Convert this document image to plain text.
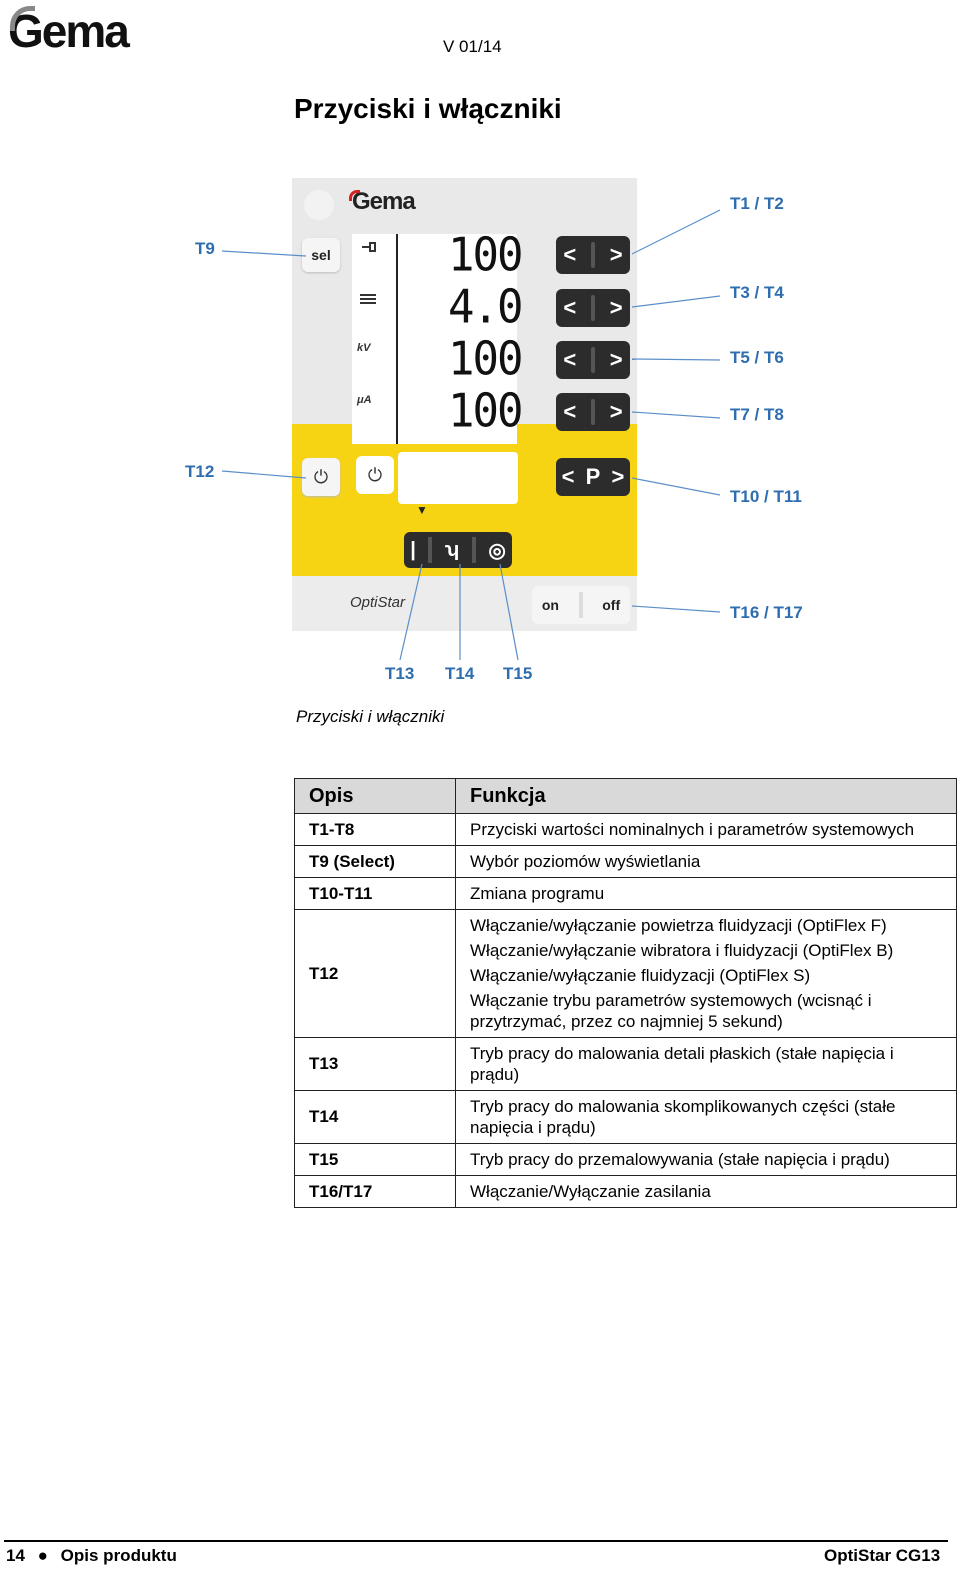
Gema	V 01/14
Przyciski i włączniki
Gema
sel
kV
μA
100
4.0
100
100
< >
< >
< >
< >
< P >
⏻	⏻
▼
| ʮ ◎
OptiStar	on	off
T1 / T2
T3 / T4
T5 / T6
T7 / T8
T9
T10 / T11
T12
T13 T14 T15
T16 / T17
Przyciski i włączniki
Opis	Funkcja
T1-T8	Przyciski wartości nominalnych i parametrów systemowych

T9 (Select)	Wybór poziomów wyświetlania

T10-T11	Zmiana programu

T12	Włączanie/wyłączanie powietrza fluidyzacji (OptiFlex F)
Włączanie/wyłączanie wibratora i fluidyzacji (OptiFlex B)
Włączanie/wyłączanie fluidyzacji (OptiFlex S)
Włączanie trybu parametrów systemowych (wcisnąć i przytrzymać, przez co najmniej 5 sekund)

T13	Tryb pracy do malowania detali płaskich (stałe napięcia i prądu)

T14	Tryb pracy do malowania skomplikowanych części (stałe napięcia i prądu)

T15	Tryb pracy do przemalowywania (stałe napięcia i prądu)

T16/T17	Włączanie/Wyłączanie zasilania
14 ● Opis produktu	OptiStar CG13
